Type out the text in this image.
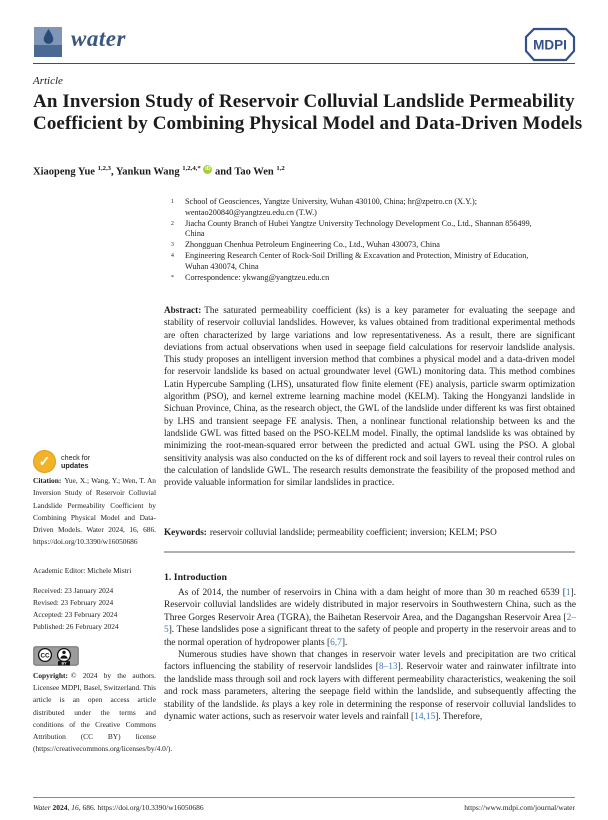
water	MDPI
Article
An Inversion Study of Reservoir Colluvial Landslide Permeability Coefficient by Combining Physical Model and Data-Driven Models
Xiaopeng Yue $^{1,2,3}$, Yankun Wang $^{1,2,4,*}$ iD and Tao Wen $^{1,2}$
1 School of Geosciences, Yangtze University, Wuhan 430100, China; hr@zpetro.cn (X.Y.); wentao200840@yangtzeu.edu.cn (T.W.)
2 Jiacha County Branch of Hubei Yangtze University Technology Development Co., Ltd., Shannan 856499, China
3 Zhongguan Chenhua Petroleum Engineering Co., Ltd., Wuhan 430073, China
4 Engineering Research Center of Rock-Soil Drilling & Excavation and Protection, Ministry of Education, Wuhan 430074, China
* Correspondence: ykwang@yangtzeu.edu.cn
Abstract: The saturated permeability coefficient (ks) is a key parameter for evaluating the seepage and stability of reservoir colluvial landslides. However, ks values obtained from traditional experimental methods are often characterized by large variations and low representativeness. As a result, there are significant deviations from actual observations when used in seepage field calculations for reservoir landslide analysis. This study proposes an intelligent inversion method that combines a physical model and a data-driven model for reservoir landslide ks based on actual groundwater level (GWL) monitoring data. This method combines Latin Hypercube Sampling (LHS), unsaturated flow finite element (FE) analysis, particle swarm optimization algorithm (PSO), and kernel extreme learning machine model (KELM). Taking the Hongyanzi landslide in Sichuan Province, China, as the research object, the GWL of the landslide under different ks was first obtained by LHS and transient seepage FE analysis. Then, a nonlinear functional relationship between ks and the landslide GWL was fitted based on the PSO-KELM model. Finally, the optimal landslide ks was obtained by minimizing the root-mean-squared error between the predicted and actual GWL using the PSO. A global sensitivity analysis was also conducted on the ks of different rock and soil layers to reveal their control rules on the calculation of landslide GWL. The research results demonstrate the feasibility of the proposed method and provide valuable information for similar landslides in practice.
Keywords: reservoir colluvial landslide; permeability coefficient; inversion; KELM; PSO
1. Introduction

As of 2014, the number of reservoirs in China with a dam height of more than 30 m reached 6539 [1]. Reservoir colluvial landslides are widely distributed in major reservoirs in Southwestern China, such as the Three Gorges Reservoir Area (TGRA), the Baihetan Reservoir Area, and the Dagangshan Reservoir Area [2–5]. These landslides pose a significant threat to the safety of people and property in the reservoir areas and to the normal operation of hydropower plants [6,7].

Numerous studies have shown that changes in reservoir water levels and precipitation are two critical factors influencing the stability of reservoir landslides [8–13]. Reservoir water and rainwater infiltrate into the landslide mass through soil and rock layers with different permeability characteristics, weakening the soil and rock mass parameters, altering the seepage field within the landslide, and subsequently affecting the stability of the landslide. ks plays a key role in determining the response of reservoir colluvial landslides to dynamic water actions, such as reservoir water levels and rainfall [14,15]. Therefore,

✓ check for
updates
Citation: Yue, X.; Wang, Y.; Wen, T. An Inversion Study of Reservoir Colluvial Landslide Permeability Coefficient by Combining Physical Model and Data-Driven Models. Water 2024, 16, 686. https://doi.org/10.3390/w16050686
Academic Editor: Michele Mistri
Received: 23 January 2024
Revised: 23 February 2024
Accepted: 23 February 2024
Published: 26 February 2024
CC
BY
Copyright: © 2024 by the authors. Licensee MDPI, Basel, Switzerland. This article is an open access article distributed under the terms and conditions of the Creative Commons Attribution (CC BY) license (https://creativecommons.org/licenses/by/4.0/).
Water 2024, 16, 686. https://doi.org/10.3390/w16050686	https://www.mdpi.com/journal/water
